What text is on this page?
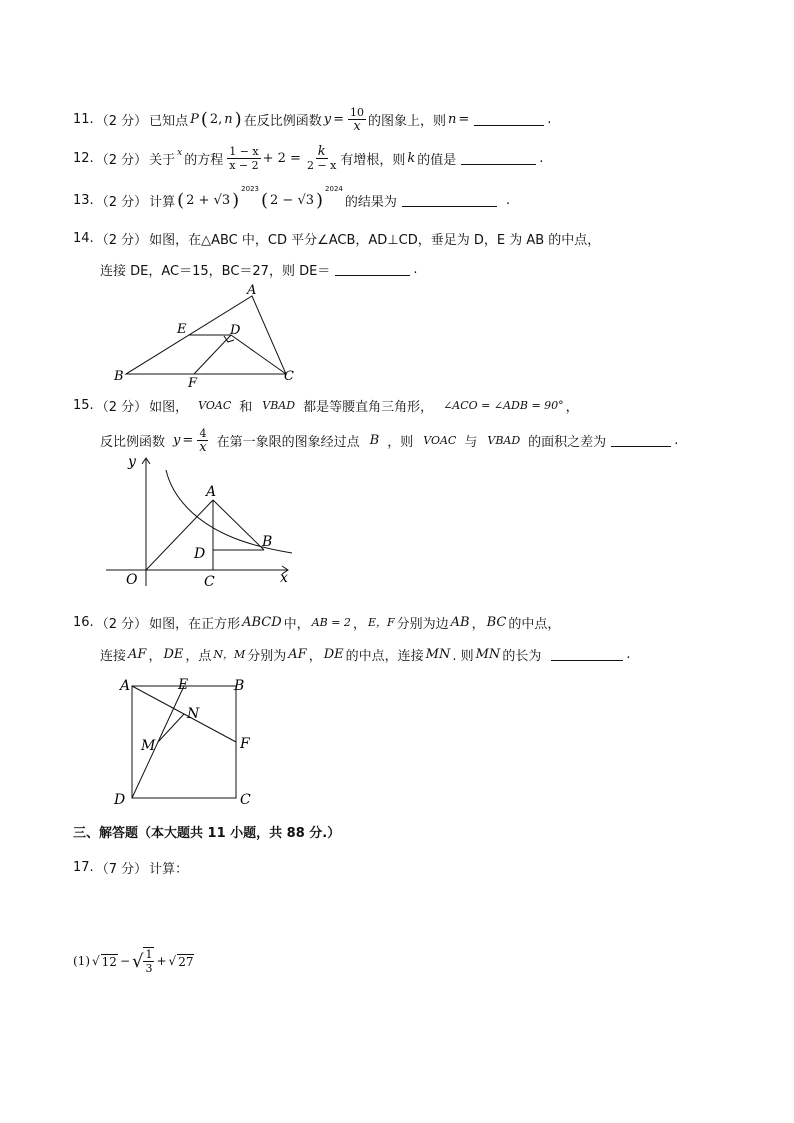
11. （2 分） 已知点 P ( 2, n ) 在反比例函数 $y = \frac{10}{x}$ 的图象上，则 n =	.
12. （2 分） 关于 x 的方程 $\frac{1 - x}{x - 2} + 2 = \frac{k}{2 - x}$ 有增根，则 k 的值是	.
13. （2 分） 计算 ( 2 + √3 )
2023
( 2 − √3 )
2024
的结果为	.
14. （2 分） 如图，在△ABC 中，CD 平分∠ACB，AD⊥CD，垂足为 D，E 为 AB 的中点，
连接 DE，AC＝15，BC＝27，则 DE＝	.
A
B	C
D
E
F
15. （2 分） 如图， VOAC 和 VBAD 都是等腰直角三角形， ∠ACO = ∠ADB = 90° ，
反比例函数 $y = \frac{4}{x}$ 在第一象限的图象经过点 B ，则 VOAC 与 VBAD 的面积之差为	.
y
x
O
A
B
C
D
16. （2 分） 如图，在正方形 ABCD 中， AB = 2 ， E，F 分别为边 AB ， BC 的中点，
连接 AF ， DE ，点 N，M 分别为 AF ， DE 的中点，连接 MN . 则 MN 的长为	.
A	B
C
D
E
F
M
N
三、解答题（本大题共 11 小题，共 88 分.）
17. （7 分） 计算：
(1) √ 12 − √ $\frac{1}{3}$ + √ 27
